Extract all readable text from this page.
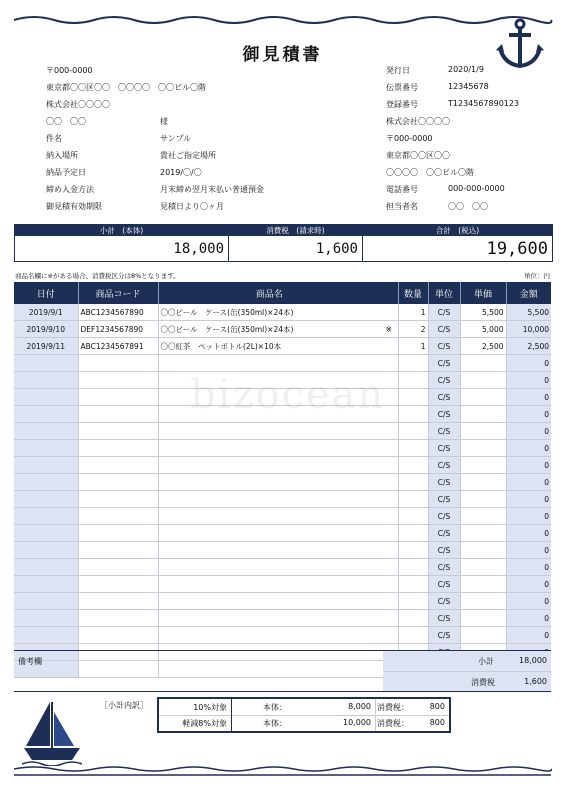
御見積書
〒000-0000
東京都〇〇区〇〇　〇〇〇〇　〇〇ビル〇階
株式会社〇〇〇〇
〇〇　〇〇	様
件名	サンプル
納入場所	貴社ご指定場所
納品予定日	2019/〇/〇
締め入金方法	月末締め翌月末払い普通預金
御見積有効期限	見積日より〇ヶ月
発行日	2020/1/9
伝票番号	12345678
登録番号	T1234567890123
株式会社〇〇〇〇
〒000-0000
東京都〇〇区〇〇
〇〇〇〇　〇〇ビル〇階
電話番号	000-000-0000
担当者名	〇〇　〇〇
小計　(本体)
18,000
消費税　(請求時)
1,600
合計　(税込)
19,600
商品名欄に※がある場合、消費税区分は8%となります。	単位：円
日付	商品コード	商品名		数量	単位	単価	金額
2019/9/1	ABC1234567890	〇〇ビール　ケース(缶(350ml)×24本)		1	C/S	5,500	5,500
2019/9/10	DEF1234567890	〇〇ビール　ケース(缶(350ml)×24本)	※	2	C/S	5,000	10,000
2019/9/11	ABC1234567891	〇〇紅茶　ペットボトル(2L)×10本		1	C/S	2,500	2,500
					C/S		0
					C/S		0
					C/S		0
					C/S		0
					C/S		0
					C/S		0
					C/S		0
					C/S		0
					C/S		0
					C/S		0
					C/S		0
					C/S		0
					C/S		0
					C/S		0
					C/S		0
					C/S		0
					C/S		0

備考欄	小計	18,000
消費税	1,600
［小計内訳］	10%対象	本体：	8,000 消費税：	800
軽減8%対象	本体：	10,000 消費税：	800
bizocean
